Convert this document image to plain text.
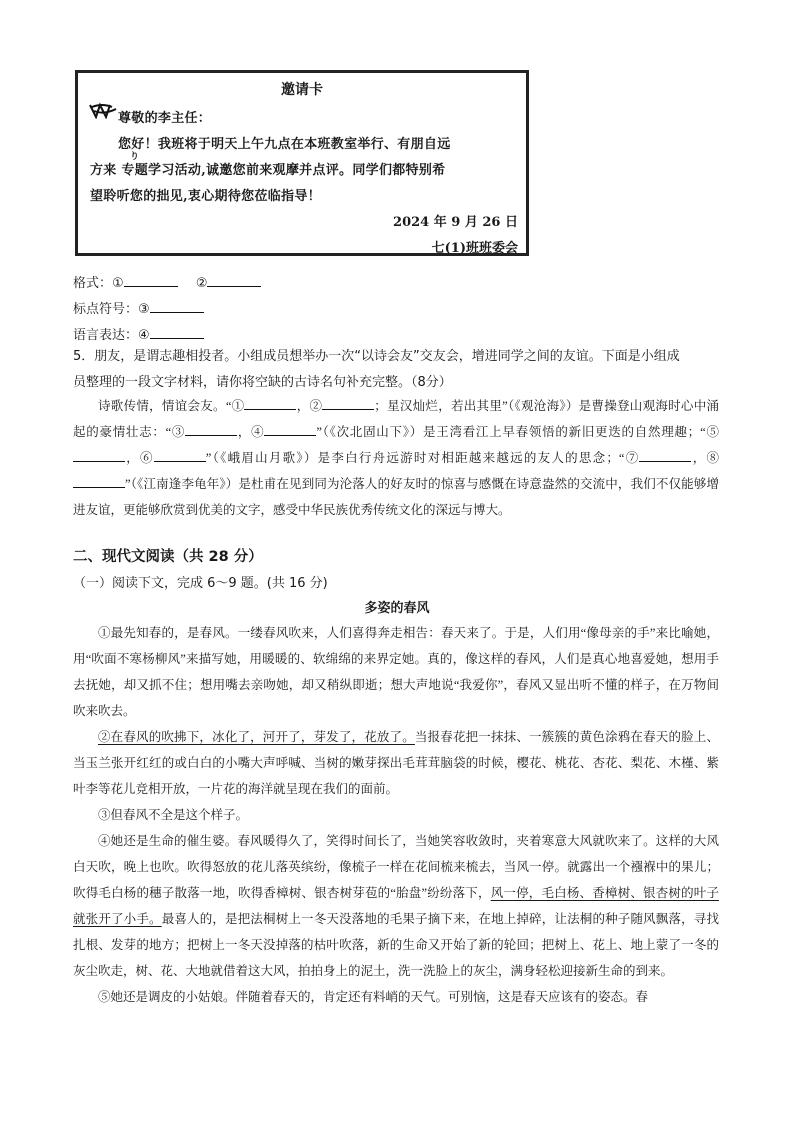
邀请卡
尊敬的李主任：
您好！我班将于明天上午九点在本班教室举行、有朋自远
り
方来 专题学习活动,诚邀您前来观摩并点评。同学们都特别希
望聆听您的拙见,衷心期待您莅临指导！
2024 年 9 月 26 日
七(1)班班委会
格式：①	②
标点符号：③
语言表达：④
5．朋友，是谓志趣相投者。小组成员想举办一次“以诗会友”交友会，增进同学之间的友谊。下面是小组成
员整理的一段文字材料，请你将空缺的古诗名句补充完整。（8分）
诗歌传情，情谊会友。“①	，②	；星汉灿烂，若出其里”（《观沧海》）是曹操登山观海时心中涌起的豪情壮志：“③	，④	”（《次北固山下》）是王湾看江上早春领悟的新旧更迭的自然理趣；“⑤，⑥	”（《峨眉山月歌》）是李白行舟远游时对相距越来越远的友人的思念；“⑦	，⑧”（《江南逢李龟年》）是杜甫在见到同为沦落人的好友时的惊喜与感慨在诗意盎然的交流中，我们不仅能够增进友谊，更能够欣赏到优美的文字，感受中华民族优秀传统文化的深远与博大。
二、现代文阅读（共 28 分）
（一）阅读下文，完成 6～9 题。(共 16 分)
多姿的春风
①最先知春的，是春风。一缕春风吹来，人们喜得奔走相告：春天来了。于是，人们用“像母亲的手”来比喻她，用“吹面不寒杨柳风”来描写她，用暖暖的、软绵绵的来界定她。真的，像这样的春风，人们是真心地喜爱她，想用手去抚她，却又抓不住；想用嘴去亲吻她，却又稍纵即逝；想大声地说“我爱你”，春风又显出听不懂的样子，在万物间吹来吹去。
②在春风的吹拂下，冰化了，河开了，芽发了，花放了。当报春花把一抹抹、一簇簇的黄色涂鸦在春天的脸上、当玉兰张开红红的或白白的小嘴大声呼喊、当树的嫩芽探出毛茸茸脑袋的时候，樱花、桃花、杏花、梨花、木槿、紫叶李等花儿竞相开放，一片花的海洋就呈现在我们的面前。
③但春风不全是这个样子。
④她还是生命的催生婆。春风暖得久了，笑得时间长了，当她笑容收敛时，夹着寒意大风就吹来了。这样的大风白天吹，晚上也吹。吹得怒放的花儿落英缤纷，像梳子一样在花间梳来梳去，当风一停。就露出一个襁褓中的果儿；吹得毛白杨的穗子散落一地，吹得香樟树、银杏树芽苞的“胎盘”纷纷落下，风一停，毛白杨、香樟树、银杏树的叶子就张开了小手。最喜人的，是把法桐树上一冬天没落地的毛果子摘下来，在地上掉碎，让法桐的种子随风飘落，寻找扎根、发芽的地方；把树上一冬天没掉落的枯叶吹落，新的生命又开始了新的轮回；把树上、花上、地上蒙了一冬的灰尘吹走，树、花、大地就借着这大风，拍拍身上的泥土，洗一洗脸上的灰尘，满身轻松迎接新生命的到来。
⑤她还是调皮的小姑娘。伴随着春天的，肯定还有料峭的天气。可别恼，这是春天应该有的姿态。春
